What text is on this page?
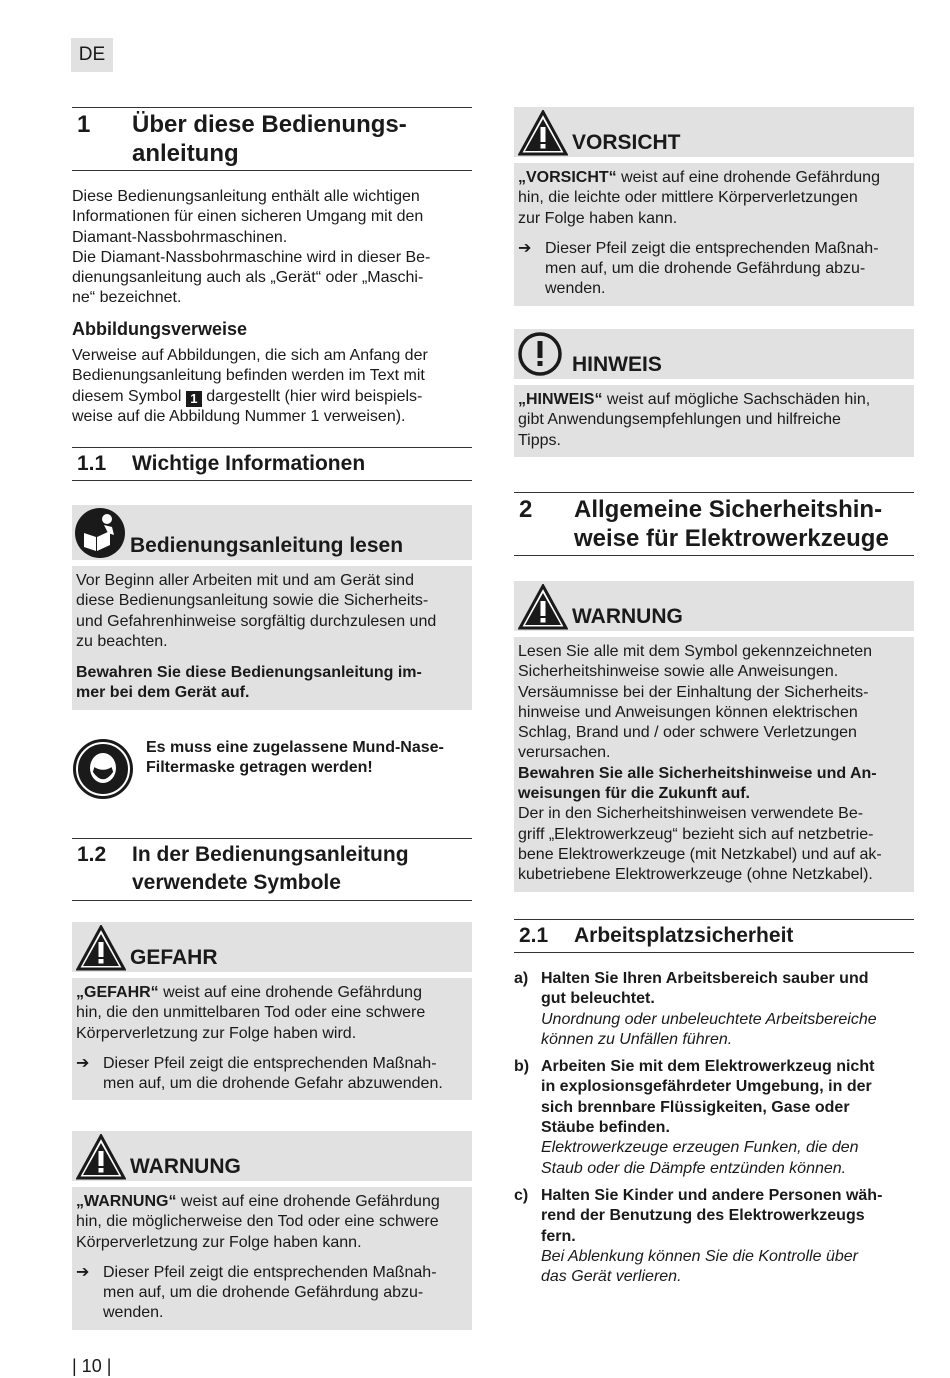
DE
1	Über diese Bedienungs-
anleitung
Diese Bedienungsanleitung enthält alle wichtigen
Informationen für einen sicheren Umgang mit den
Diamant-Nassbohrmaschinen.
Die Diamant-Nassbohrmaschine wird in dieser Be-
dienungsanleitung auch als „Gerät“ oder „Maschi-
ne“ bezeichnet.
Abbildungsverweise
Verweise auf Abbildungen, die sich am Anfang der
Bedienungsanleitung befinden werden im Text mit
diesem Symbol 1 dargestellt (hier wird beispiels-
weise auf die Abbildung Nummer 1 verweisen).
1.1	Wichtige Informationen
Bedienungsanleitung lesen
Vor Beginn aller Arbeiten mit und am Gerät sind
diese Bedienungsanleitung sowie die Sicherheits-
und Gefahrenhinweise sorgfältig durchzulesen und
zu beachten.
Bewahren Sie diese Bedienungsanleitung im-
mer bei dem Gerät auf.
Es muss eine zugelassene Mund-Nase-
Filtermaske getragen werden!
1.2	In der Bedienungsanleitung
verwendete Symbole
GEFAHR
„GEFAHR“ weist auf eine drohende Gefährdung
hin, die den unmittelbaren Tod oder eine schwere
Körperverletzung zur Folge haben wird.
➔ Dieser Pfeil zeigt die entsprechenden Maßnah-
men auf, um die drohende Gefahr abzuwenden.
WARNUNG
„WARNUNG“ weist auf eine drohende Gefährdung
hin, die möglicherweise den Tod oder eine schwere
Körperverletzung zur Folge haben kann.
➔ Dieser Pfeil zeigt die entsprechenden Maßnah-
men auf, um die drohende Gefährdung abzu-
wenden.
VORSICHT
„VORSICHT“ weist auf eine drohende Gefährdung
hin, die leichte oder mittlere Körperverletzungen
zur Folge haben kann.
➔ Dieser Pfeil zeigt die entsprechenden Maßnah-
men auf, um die drohende Gefährdung abzu-
wenden.
HINWEIS
„HINWEIS“ weist auf mögliche Sachschäden hin,
gibt Anwendungsempfehlungen und hilfreiche
Tipps.
2	Allgemeine Sicherheitshin-
weise für Elektrowerkzeuge
WARNUNG
Lesen Sie alle mit dem Symbol gekennzeichneten
Sicherheitshinweise sowie alle Anweisungen.
Versäumnisse bei der Einhaltung der Sicherheits-
hinweise und Anweisungen können elektrischen
Schlag, Brand und / oder schwere Verletzungen
verursachen.
Bewahren Sie alle Sicherheitshinweise und An-
weisungen für die Zukunft auf.
Der in den Sicherheitshinweisen verwendete Be-
griff „Elektrowerkzeug“ bezieht sich auf netzbetrie-
bene Elektrowerkzeuge (mit Netzkabel) und auf ak-
kubetriebene Elektrowerkzeuge (ohne Netzkabel).
2.1	Arbeitsplatzsicherheit
a) Halten Sie Ihren Arbeitsbereich sauber und
gut beleuchtet.
Unordnung oder unbeleuchtete Arbeitsbereiche
können zu Unfällen führen.
b) Arbeiten Sie mit dem Elektrowerkzeug nicht
in explosionsgefährdeter Umgebung, in der
sich brennbare Flüssigkeiten, Gase oder
Stäube befinden.
Elektrowerkzeuge erzeugen Funken, die den
Staub oder die Dämpfe entzünden können.
c) Halten Sie Kinder und andere Personen wäh-
rend der Benutzung des Elektrowerkzeugs
fern.
Bei Ablenkung können Sie die Kontrolle über
das Gerät verlieren.
| 10 |
